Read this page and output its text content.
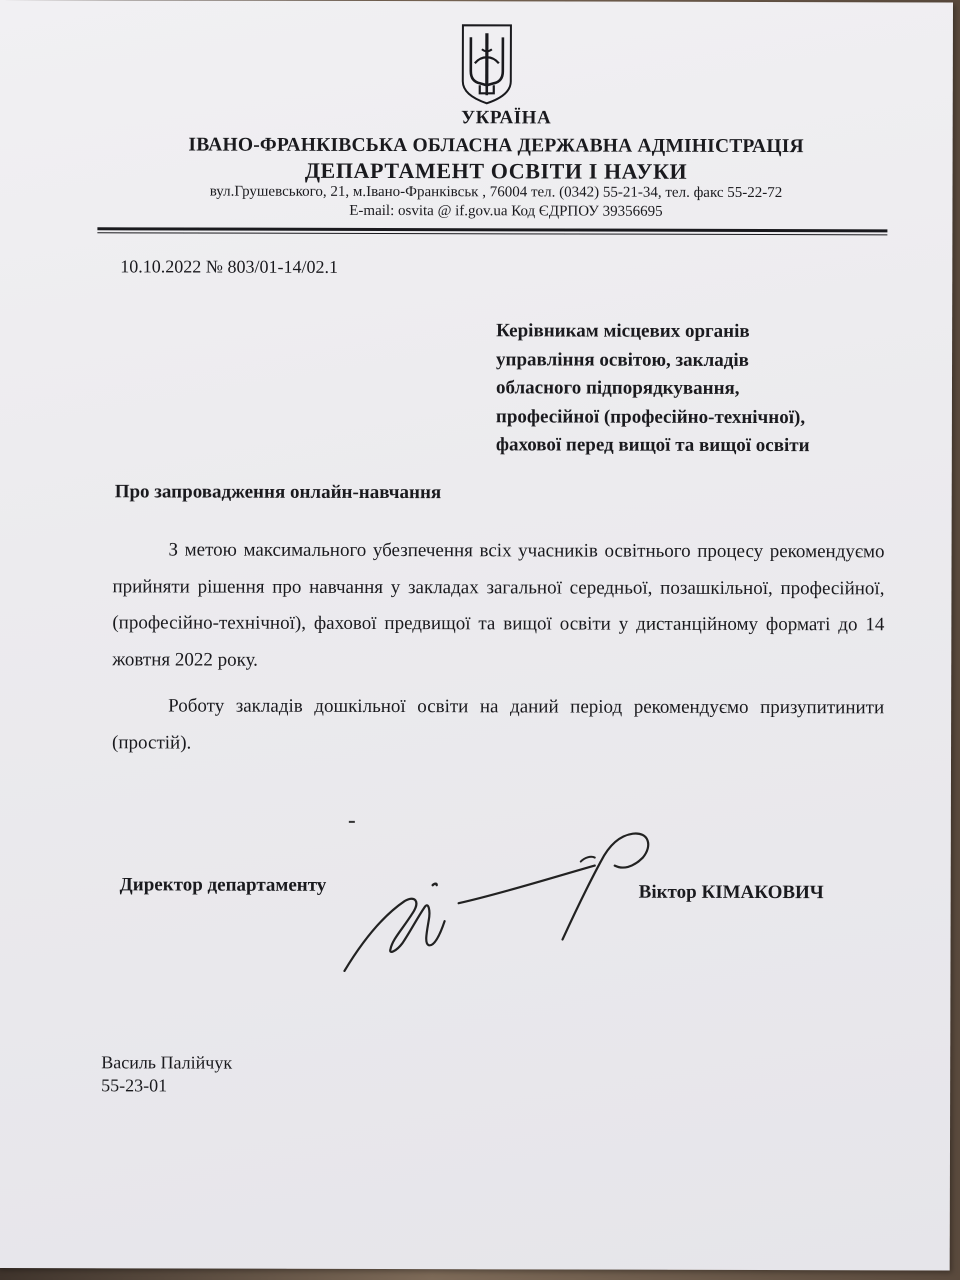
УКРАЇНА
ІВАНО-ФРАНКІВСЬКА ОБЛАСНА ДЕРЖАВНА АДМІНІСТРАЦІЯ
ДЕПАРТАМЕНТ ОСВІТИ І НАУКИ
вул.Грушевського, 21, м.Івано-Франківськ , 76004 тел. (0342) 55-21-34, тел. факс 55-22-72
E-mail: osvita @ if.gov.ua Код ЄДРПОУ 39356695
10.10.2022 № 803/01-14/02.1
Керівникам місцевих органів
управління освітою, закладів
обласного підпорядкування,
професійної (професійно-технічної),
фахової перед вищої та вищої освіти
Про запровадження онлайн-навчання
З метою максимального убезпечення всіх учасників освітнього процесу рекомендуємо прийняти рішення про навчання у закладах загальної середньої, позашкільної, професійної, (професійно-технічної), фахової предвищої та вищої освіти у дистанційному форматі до 14 жовтня 2022 року.
Роботу закладів дошкільної освіти на даний період рекомендуємо призупитинити (простій).
Директор департаменту	Віктор КІМАКОВИЧ
Василь Палійчук
55-23-01
